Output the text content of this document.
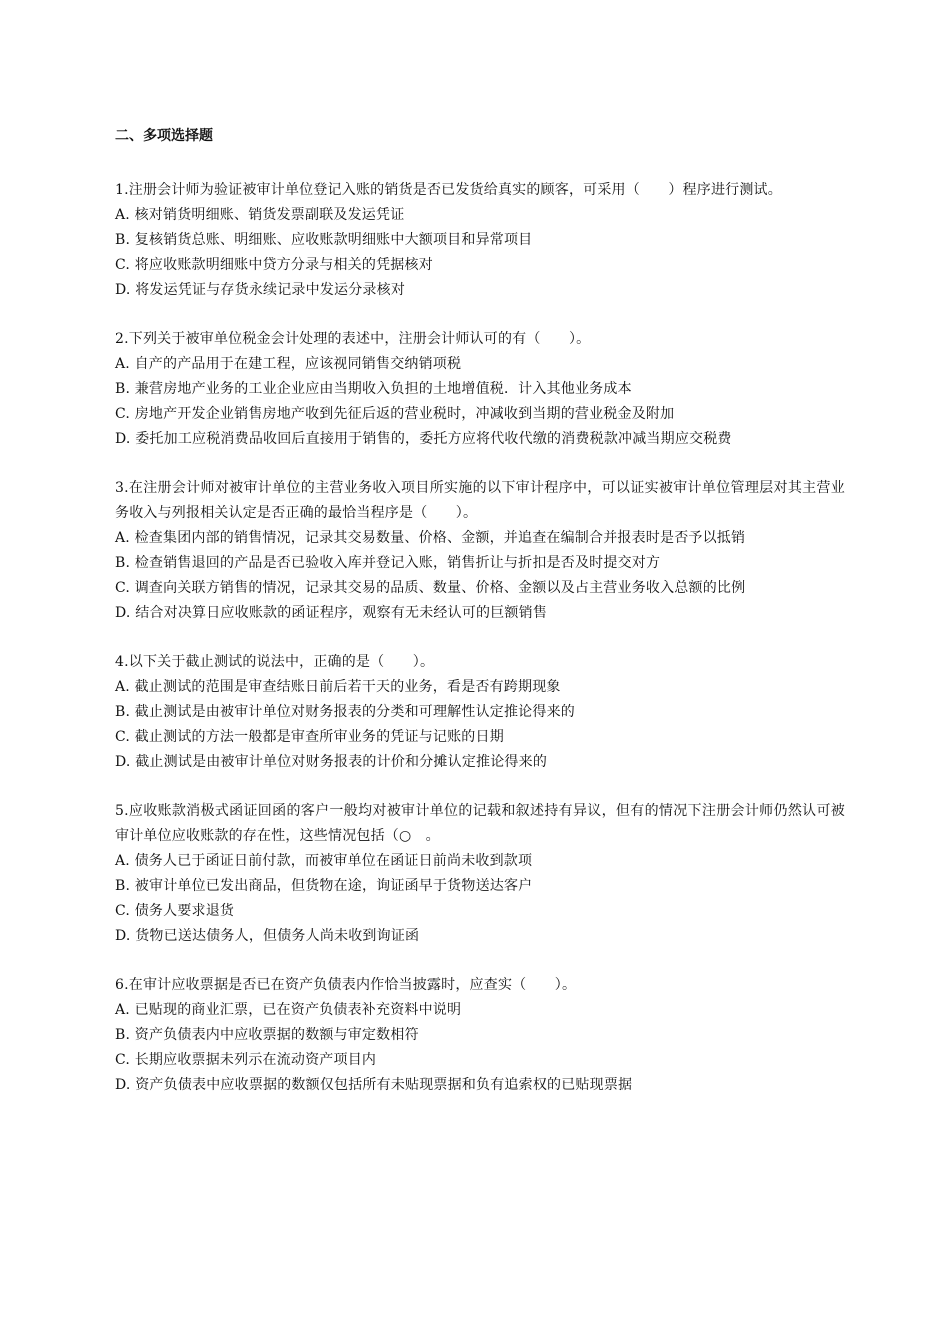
二、多项选择题

1.注册会计师为验证被审计单位登记入账的销货是否已发货给真实的顾客，可采用（　　）程序进行测试。

A. 核对销货明细账、销货发票副联及发运凭证

B. 复核销货总账、明细账、应收账款明细账中大额项目和异常项目

C. 将应收账款明细账中贷方分录与相关的凭据核对

D. 将发运凭证与存货永续记录中发运分录核对

2.下列关于被审单位税金会计处理的表述中，注册会计师认可的有（　　）。

A. 自产的产品用于在建工程，应该视同销售交纳销项税

B. 兼营房地产业务的工业企业应由当期收入负担的土地增值税．计入其他业务成本

C. 房地产开发企业销售房地产收到先征后返的营业税时，冲减收到当期的营业税金及附加

D. 委托加工应税消费品收回后直接用于销售的，委托方应将代收代缴的消费税款冲减当期应交税费

3.在注册会计师对被审计单位的主营业务收入项目所实施的以下审计程序中，可以证实被审计单位管理层对其主营业务收入与列报相关认定是否正确的最恰当程序是（　　）。

A. 检查集团内部的销售情况，记录其交易数量、价格、金额，并追查在编制合并报表时是否予以抵销

B. 检查销售退回的产品是否已验收入库并登记入账，销售折让与折扣是否及时提交对方

C. 调查向关联方销售的情况，记录其交易的品质、数量、价格、金额以及占主营业务收入总额的比例

D. 结合对决算日应收账款的函证程序，观察有无未经认可的巨额销售

4.以下关于截止测试的说法中，正确的是（　　）。

A. 截止测试的范围是审查结账日前后若干天的业务，看是否有跨期现象

B. 截止测试是由被审计单位对财务报表的分类和可理解性认定推论得来的

C. 截止测试的方法一般都是审查所审业务的凭证与记账的日期

D. 截止测试是由被审计单位对财务报表的计价和分摊认定推论得来的

5.应收账款消极式函证回函的客户一般均对被审计单位的记载和叙述持有异议，但有的情况下注册会计师仍然认可被审计单位应收账款的存在性，这些情况包括（○　。

A. 债务人已于函证日前付款，而被审单位在函证日前尚未收到款项

B. 被审计单位已发出商品，但货物在途，询证函早于货物送达客户

C. 债务人要求退货

D. 货物已送达债务人，但债务人尚未收到询证函

6.在审计应收票据是否已在资产负债表内作恰当披露时，应查实（　　）。

A. 已贴现的商业汇票，已在资产负债表补充资料中说明

B. 资产负债表内中应收票据的数额与审定数相符

C. 长期应收票据未列示在流动资产项目内

D. 资产负债表中应收票据的数额仅包括所有未贴现票据和负有追索权的已贴现票据
